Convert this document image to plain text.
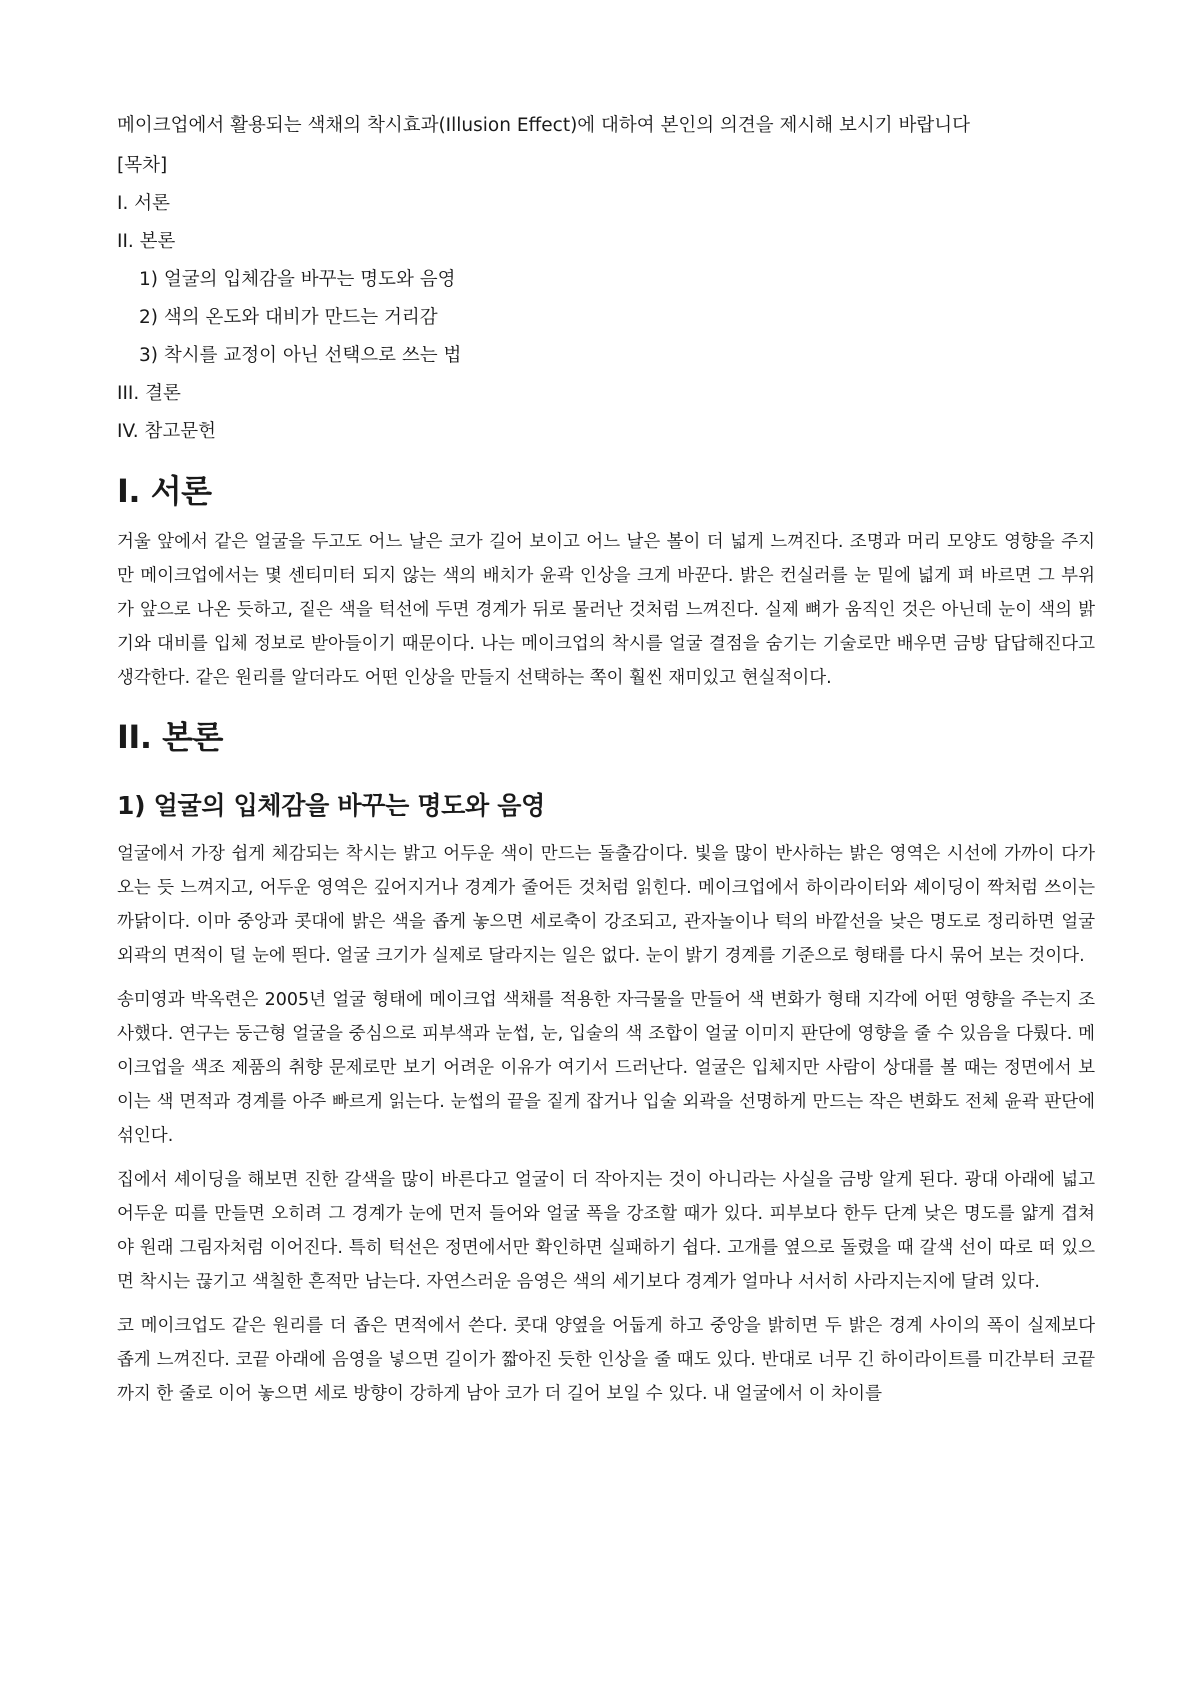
메이크업에서 활용되는 색채의 착시효과(Illusion Effect)에 대하여 본인의 의견을 제시해 보시기 바랍니다

[목차]
I. 서론
II. 본론
1) 얼굴의 입체감을 바꾸는 명도와 음영
2) 색의 온도와 대비가 만드는 거리감
3) 착시를 교정이 아닌 선택으로 쓰는 법
III. 결론
IV. 참고문헌
I. 서론

거울 앞에서 같은 얼굴을 두고도 어느 날은 코가 길어 보이고 어느 날은 볼이 더 넓게 느껴진다. 조명과 머리 모양도 영향을 주지만 메이크업에서는 몇 센티미터 되지 않는 색의 배치가 윤곽 인상을 크게 바꾼다. 밝은 컨실러를 눈 밑에 넓게 펴 바르면 그 부위가 앞으로 나온 듯하고, 짙은 색을 턱선에 두면 경계가 뒤로 물러난 것처럼 느껴진다. 실제 뼈가 움직인 것은 아닌데 눈이 색의 밝기와 대비를 입체 정보로 받아들이기 때문이다. 나는 메이크업의 착시를 얼굴 결점을 숨기는 기술로만 배우면 금방 답답해진다고 생각한다. 같은 원리를 알더라도 어떤 인상을 만들지 선택하는 쪽이 훨씬 재미있고 현실적이다.

II. 본론
1) 얼굴의 입체감을 바꾸는 명도와 음영

얼굴에서 가장 쉽게 체감되는 착시는 밝고 어두운 색이 만드는 돌출감이다. 빛을 많이 반사하는 밝은 영역은 시선에 가까이 다가오는 듯 느껴지고, 어두운 영역은 깊어지거나 경계가 줄어든 것처럼 읽힌다. 메이크업에서 하이라이터와 셰이딩이 짝처럼 쓰이는 까닭이다. 이마 중앙과 콧대에 밝은 색을 좁게 놓으면 세로축이 강조되고, 관자놀이나 턱의 바깥선을 낮은 명도로 정리하면 얼굴 외곽의 면적이 덜 눈에 띈다. 얼굴 크기가 실제로 달라지는 일은 없다. 눈이 밝기 경계를 기준으로 형태를 다시 묶어 보는 것이다.

송미영과 박옥련은 2005년 얼굴 형태에 메이크업 색채를 적용한 자극물을 만들어 색 변화가 형태 지각에 어떤 영향을 주는지 조사했다. 연구는 둥근형 얼굴을 중심으로 피부색과 눈썹, 눈, 입술의 색 조합이 얼굴 이미지 판단에 영향을 줄 수 있음을 다뤘다. 메이크업을 색조 제품의 취향 문제로만 보기 어려운 이유가 여기서 드러난다. 얼굴은 입체지만 사람이 상대를 볼 때는 정면에서 보이는 색 면적과 경계를 아주 빠르게 읽는다. 눈썹의 끝을 짙게 잡거나 입술 외곽을 선명하게 만드는 작은 변화도 전체 윤곽 판단에 섞인다.

집에서 셰이딩을 해보면 진한 갈색을 많이 바른다고 얼굴이 더 작아지는 것이 아니라는 사실을 금방 알게 된다. 광대 아래에 넓고 어두운 띠를 만들면 오히려 그 경계가 눈에 먼저 들어와 얼굴 폭을 강조할 때가 있다. 피부보다 한두 단계 낮은 명도를 얇게 겹쳐야 원래 그림자처럼 이어진다. 특히 턱선은 정면에서만 확인하면 실패하기 쉽다. 고개를 옆으로 돌렸을 때 갈색 선이 따로 떠 있으면 착시는 끊기고 색칠한 흔적만 남는다. 자연스러운 음영은 색의 세기보다 경계가 얼마나 서서히 사라지는지에 달려 있다.

코 메이크업도 같은 원리를 더 좁은 면적에서 쓴다. 콧대 양옆을 어둡게 하고 중앙을 밝히면 두 밝은 경계 사이의 폭이 실제보다 좁게 느껴진다. 코끝 아래에 음영을 넣으면 길이가 짧아진 듯한 인상을 줄 때도 있다. 반대로 너무 긴 하이라이트를 미간부터 코끝까지 한 줄로 이어 놓으면 세로 방향이 강하게 남아 코가 더 길어 보일 수 있다. 내 얼굴에서 이 차이를
